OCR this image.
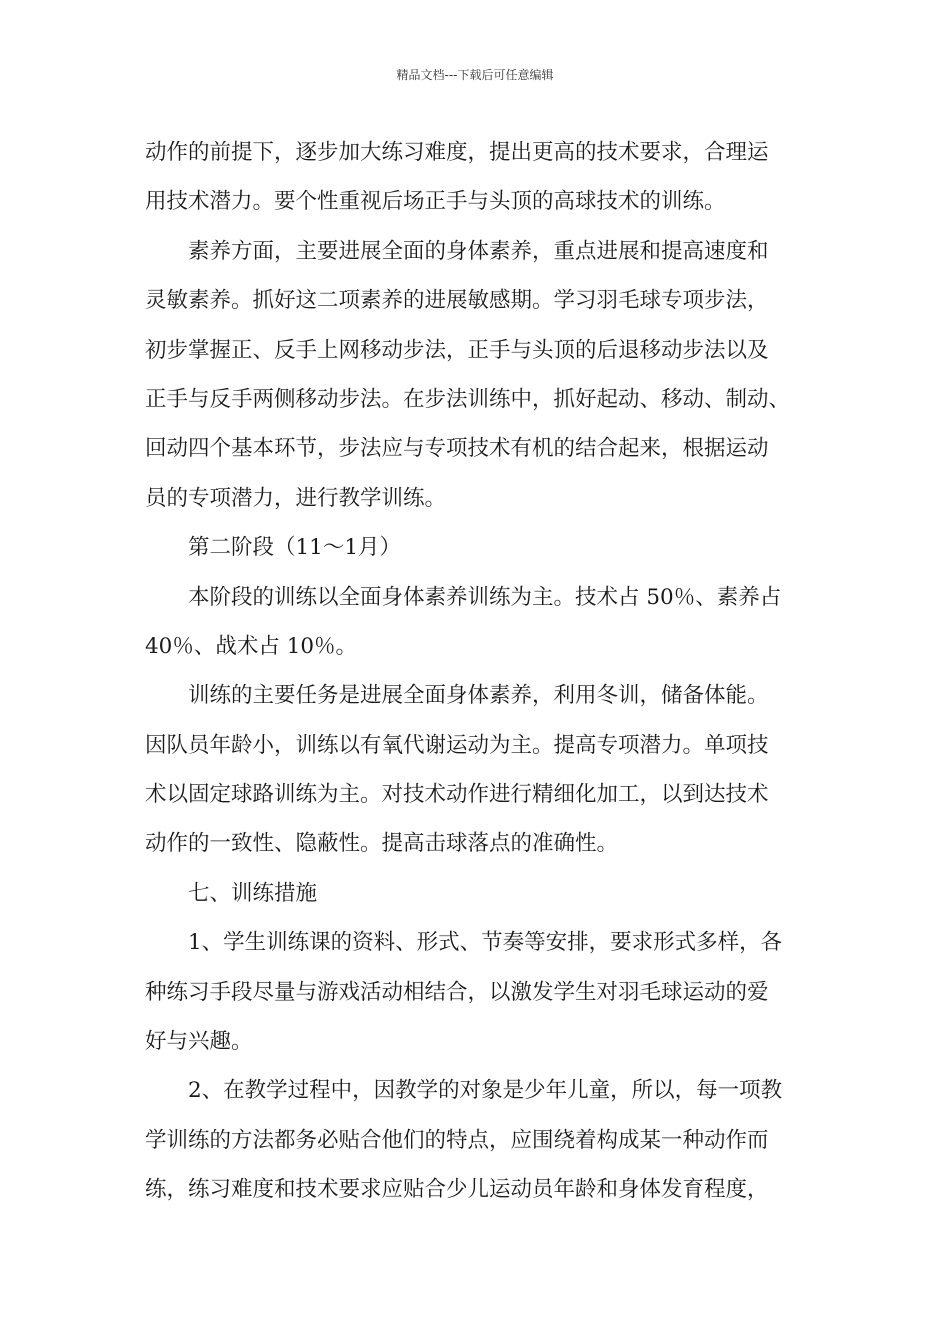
精品文档---下载后可任意编辑
动作的前提下，逐步加大练习难度，提出更高的技术要求，合理运
用技术潜力。要个性重视后场正手与头顶的高球技术的训练。
素养方面，主要进展全面的身体素养，重点进展和提高速度和
灵敏素养。抓好这二项素养的进展敏感期。学习羽毛球专项步法，
初步掌握正、反手上网移动步法，正手与头顶的后退移动步法以及
正手与反手两侧移动步法。在步法训练中，抓好起动、移动、制动、
回动四个基本环节，步法应与专项技术有机的结合起来，根据运动
员的专项潜力，进行教学训练。
第二阶段（11～1月）
本阶段的训练以全面身体素养训练为主。技术占 50％、素养占
40％、战术占 10％。
训练的主要任务是进展全面身体素养，利用冬训，储备体能。
因队员年龄小，训练以有氧代谢运动为主。提高专项潜力。单项技
术以固定球路训练为主。对技术动作进行精细化加工，以到达技术
动作的一致性、隐蔽性。提高击球落点的准确性。
七、训练措施
1、学生训练课的资料、形式、节奏等安排，要求形式多样，各
种练习手段尽量与游戏活动相结合，以激发学生对羽毛球运动的爱
好与兴趣。
2、在教学过程中，因教学的对象是少年儿童，所以，每一项教
学训练的方法都务必贴合他们的特点，应围绕着构成某一种动作而
练，练习难度和技术要求应贴合少儿运动员年龄和身体发育程度，
